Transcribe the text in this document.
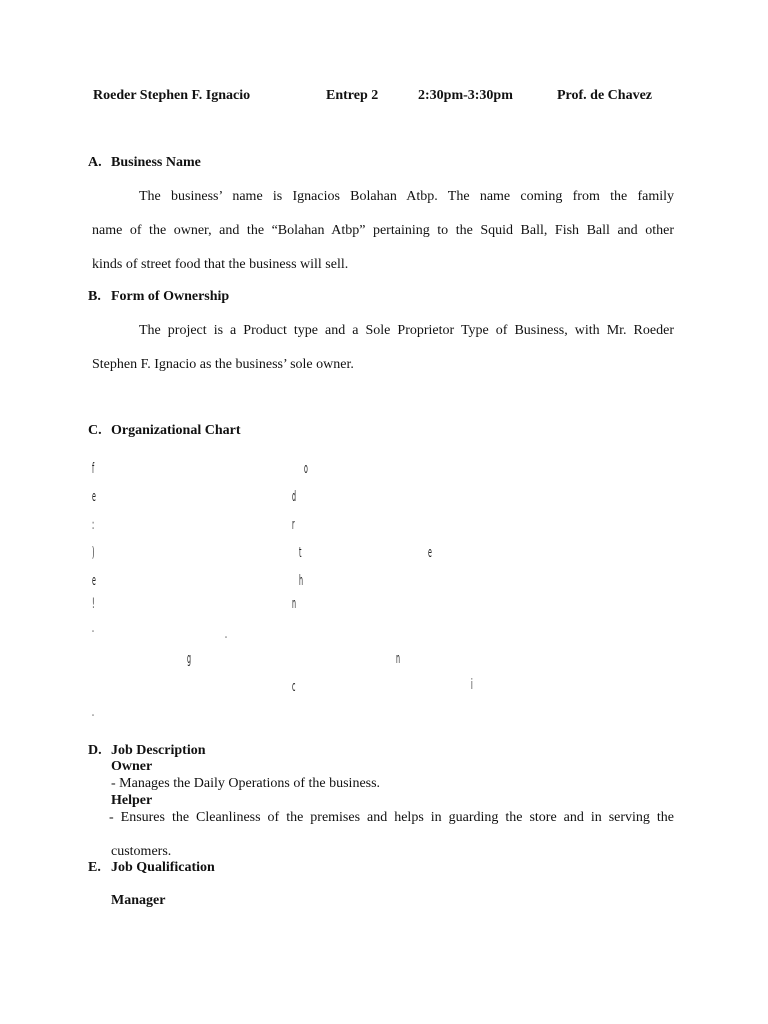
Roeder Stephen F. Ignacio	Entrep 2	2:30pm-3:30pm	Prof. de Chavez
A. Business Name
The business’ name is Ignacios Bolahan Atbp. The name coming from the family
name of the owner, and the “Bolahan Atbp” pertaining to the Squid Ball, Fish Ball and other
kinds of street food that the business will sell.
B. Form of Ownership
The project is a Product type and a Sole Proprietor Type of Business, with Mr. Roeder
Stephen F. Ignacio as the business’ sole owner.
C. Organizational Chart
f
e
:
)
e
!
.
o
d
r
t
h
n
e
g	n
c	i
.
.
D. Job Description
Owner
- Manages the Daily Operations of the business.
Helper
- Ensures the Cleanliness of the premises and helps in guarding the store and in serving the
customers.
E. Job Qualification
Manager
